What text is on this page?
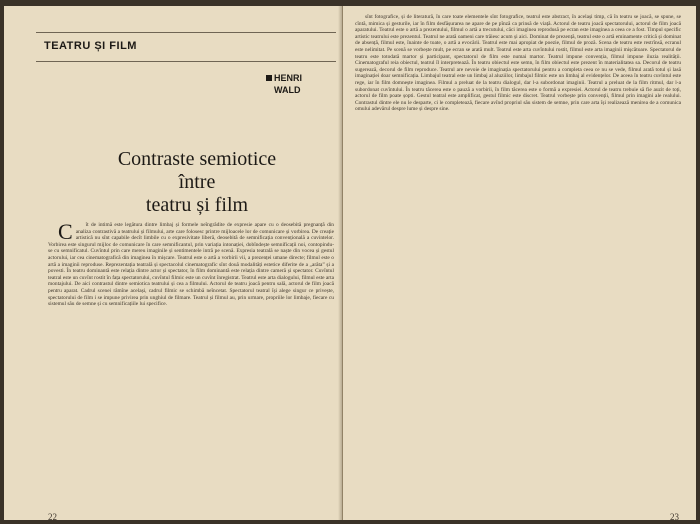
TEATRU ȘI FILM
HENRI
WALD
Contraste semiotice
între
teatru și film

C ît de intimă este legătura dintre limbaj și formele neîngrădite de expresie apare cu o deosebită pregnanță din analiza contrastivă a teatrului și filmului, arte care folosesc printre mijloacele lor de comunicare și vorbirea. De creație artistică nu sînt capabile decît limbile cu o expresivitate liberă, deosebită de semnificația convențională a cuvintelor. Vorbirea este singurul mijloc de comunicare în care semnificantul, prin variația intonației, dobîndește semnificații noi, contopindu-se cu semnificatul. Cuvîntul prin care mereu imaginile și sentimentele intră pe scenă. Expresia teatrală se naște din vocea și gestul actorului, iar cea cinematografică din imaginea în mișcare. Teatrul este o artă a vorbirii vii, a prezenței umane directe; filmul este o artă a imaginii reproduse. Reprezentația teatrală și spectacolul cinematografic sînt două modalități estetice diferite de a „arăta” și a povesti. În teatru dominantă este relația dintre actor și spectator, în film dominantă este relația dintre cameră și spectator. Cuvîntul teatral este un cuvînt rostit în fața spectatorului, cuvîntul filmic este un cuvînt înregistrat. Teatrul este arta dialogului, filmul este arta montajului. De aici contrastul dintre semiotica teatrului și cea a filmului. Actorul de teatru joacă pentru sală, actorul de film joacă pentru aparat. Cadrul scenei rămîne același, cadrul filmic se schimbă neîncetat. Spectatorul teatral își alege singur ce privește, spectatorului de film i se impune privirea prin unghiul de filmare. Teatrul și filmul au, prin urmare, propriile lor limbaje, fiecare cu sistemul său de semne și cu semnificațiile lui specifice.

22

sînt fotografice, și de literatură, în care toate elementele sînt fotografice, teatrul este abstract, în același timp, că în teatru se joacă, se spune, se cîntă, mimica și gesturile, iar în film desfășurarea ne apare de pe pînză ca prinsă de viață. Actorul de teatru joacă spectatorului, actorul de film joacă aparatului. Teatrul este o artă a prezentului, filmul o artă a trecutului, căci imaginea reprodusă pe ecran este imaginea a ceea ce a fost. Timpul specific artistic teatrului este prezentul. Teatrul ne arată oameni care trăiesc acum și aici. Dominat de prezență, teatrul este o artă eminamente critică și dominat de absență, filmul este, înainte de toate, o artă a evocării. Teatrul este mai apropiat de poezie, filmul de proză. Scena de teatru este restrînsă, ecranul este nelimitat. Pe scenă se vorbește mult, pe ecran se arată mult. Teatrul este arta cuvîntului rostit, filmul este arta imaginii mișcătoare. Spectatorul de teatru este totodată martor și participant, spectatorul de film este numai martor. Teatrul impune convenția, filmul impune iluzia realității. Cinematograful reia obiectul, teatrul îl interpretează. În teatru obiectul este semn, în film obiectul este prezent în materialitatea sa. Decorul de teatru sugerează, decorul de film reproduce. Teatrul are nevoie de imaginația spectatorului pentru a completa ceea ce nu se vede, filmul arată totul și lasă imaginației doar semnificația. Limbajul teatral este un limbaj al aluziilor, limbajul filmic este un limbaj al evidențelor. De aceea în teatru cuvîntul este rege, iar în film domnește imaginea. Filmul a preluat de la teatru dialogul, dar l-a subordonat imaginii. Teatrul a preluat de la film ritmul, dar l-a subordonat cuvîntului. În teatru tăcerea este o pauză a vorbirii, în film tăcerea este o formă a expresiei. Actorul de teatru trebuie să fie auzit de toți, actorul de film poate șopti. Gestul teatral este amplificat, gestul filmic este discret. Teatrul vorbește prin convenții, filmul prin imagini ale realului. Contrastul dintre ele nu le desparte, ci le completează, fiecare avînd propriul său sistem de semne, prin care arta își realizează menirea de a comunica omului adevărul despre lume și despre sine.

23
